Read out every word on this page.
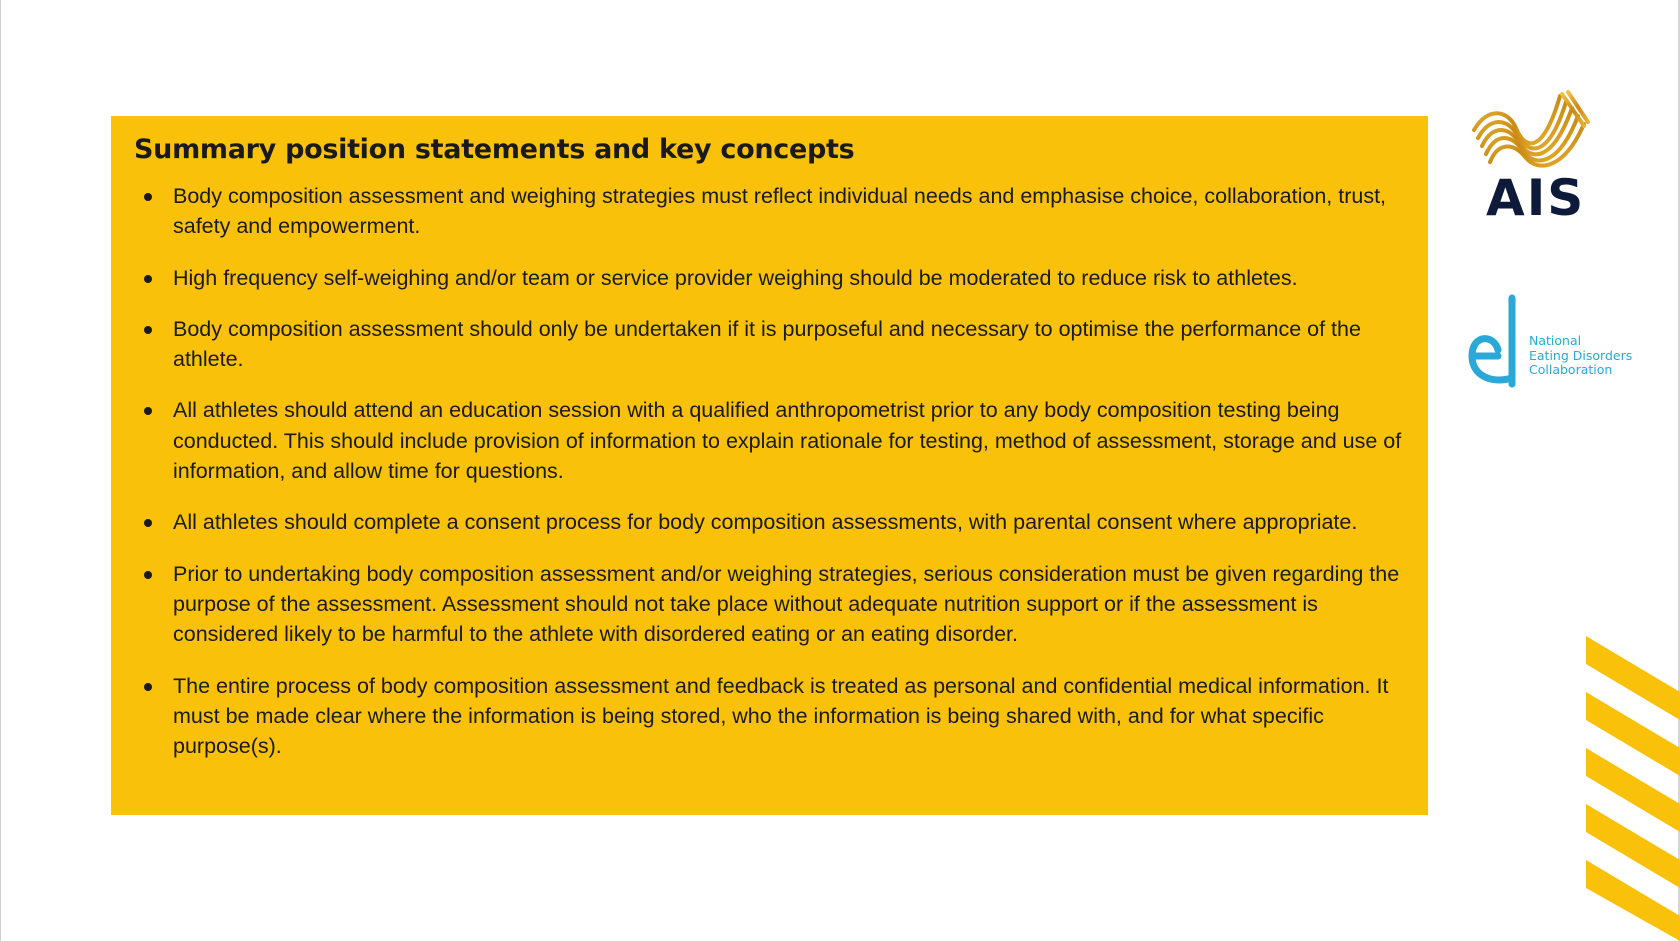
Summary position statements and key concepts
Body composition assessment and weighing strategies must reflect individual needs and emphasise choice, collaboration, trust, safety and empowerment.
High frequency self-weighing and/or team or service provider weighing should be moderated to reduce risk to athletes.
Body composition assessment should only be undertaken if it is purposeful and necessary to optimise the performance of the athlete.
All athletes should attend an education session with a qualified anthropometrist prior to any body composition testing being conducted. This should include provision of information to explain rationale for testing, method of assessment, storage and use of information, and allow time for questions.
All athletes should complete a consent process for body composition assessments, with parental consent where appropriate.
Prior to undertaking body composition assessment and/or weighing strategies, serious consideration must be given regarding the purpose of the assessment. Assessment should not take place without adequate nutrition support or if the assessment is considered likely to be harmful to the athlete with disordered eating or an eating disorder.
The entire process of body composition assessment and feedback is treated as personal and confidential medical information. It must be made clear where the information is being stored, who the information is being shared with, and for what specific purpose(s).
AIS
National
Eating Disorders
Collaboration
